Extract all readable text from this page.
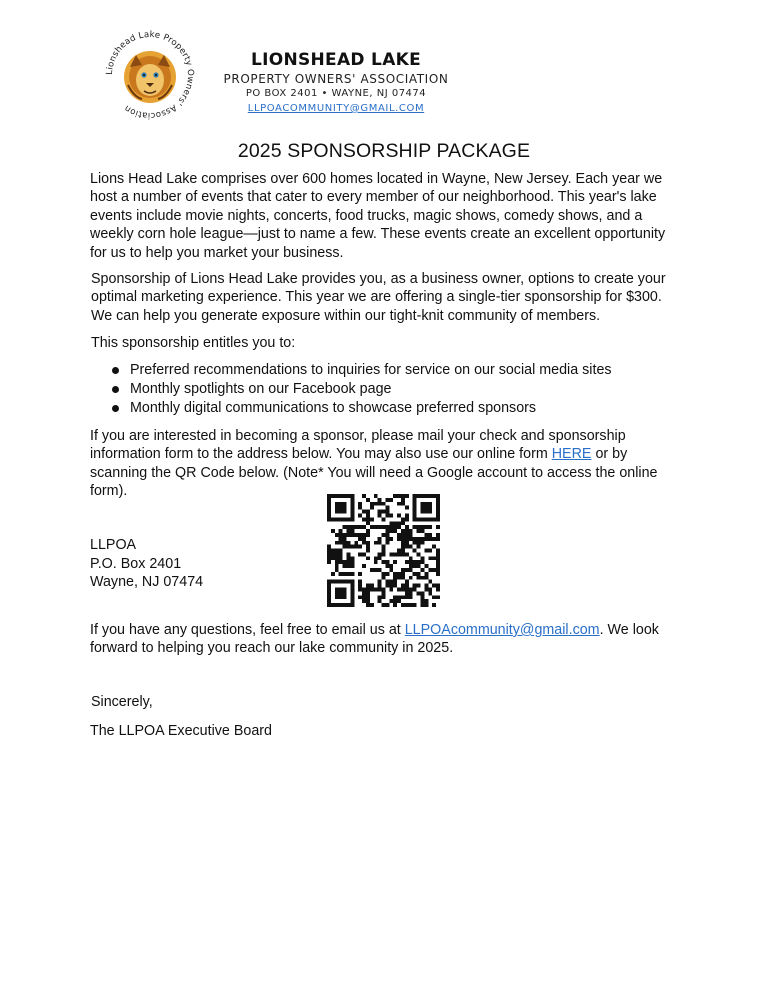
Lionshead Lake Property Owners' Association
LIONSHEAD LAKE
PROPERTY OWNERS' ASSOCIATION
PO BOX 2401 • WAYNE, NJ 07474
LLPOACOMMUNITY@GMAIL.COM
2025 SPONSORSHIP PACKAGE

Lions Head Lake comprises over 600 homes located in Wayne, New Jersey. Each year we host a number of events that cater to every member of our neighborhood. This year's lake events include movie nights, concerts, food trucks, magic shows, comedy shows, and a weekly corn hole league—just to name a few. These events create an excellent opportunity for us to help you market your business.

Sponsorship of Lions Head Lake provides you, as a business owner, options to create your optimal marketing experience. This year we are offering a single-tier sponsorship for $300. We can help you generate exposure within our tight-knit community of members.

This sponsorship entitles you to:

Preferred recommendations to inquiries for service on our social media sites
Monthly spotlights on our Facebook page
Monthly digital communications to showcase preferred sponsors

If you are interested in becoming a sponsor, please mail your check and sponsorship information form to the address below. You may also use our online form HERE or by scanning the QR Code below. (Note* You will need a Google account to access the online form).

LLPOA
P.O. Box 2401
Wayne, NJ 07474

If you have any questions, feel free to email us at LLPOAcommunity@gmail.com. We look forward to helping you reach our lake community in 2025.

Sincerely,
The LLPOA Executive Board
